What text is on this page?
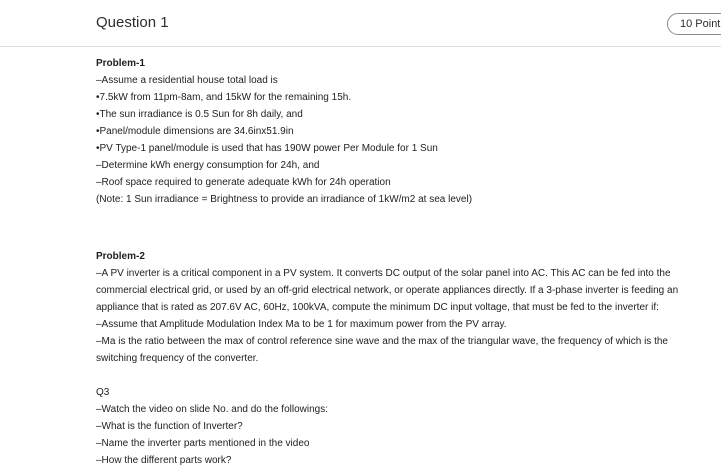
Question 1	10 Point

Problem-1

–Assume a residential house total load is

•7.5kW from 11pm-8am, and 15kW for the remaining 15h.

•The sun irradiance is 0.5 Sun for 8h daily, and

•Panel/module dimensions are 34.6inx51.9in

•PV Type-1 panel/module is used that has 190W power Per Module for 1 Sun

–Determine kWh energy consumption for 24h, and

–Roof space required to generate adequate kWh for 24h operation

(Note: 1 Sun irradiance = Brightness to provide an irradiance of 1kW/m2 at sea level)

Problem-2

–A PV inverter is a critical component in a PV system. It converts DC output of the solar panel into AC. This AC can be fed into the commercial electrical grid, or used by an off-grid electrical network, or operate appliances directly. If a 3-phase inverter is feeding an appliance that is rated as 207.6V AC, 60Hz, 100kVA, compute the minimum DC input voltage, that must be fed to the inverter if:

–Assume that Amplitude Modulation Index Ma to be 1 for maximum power from the PV array.

–Ma is the ratio between the max of control reference sine wave and the max of the triangular wave, the frequency of which is the switching frequency of the converter.

Q3

–Watch the video on slide No. and do the followings:

–What is the function of Inverter?

–Name the inverter parts mentioned in the video

–How the different parts work?
